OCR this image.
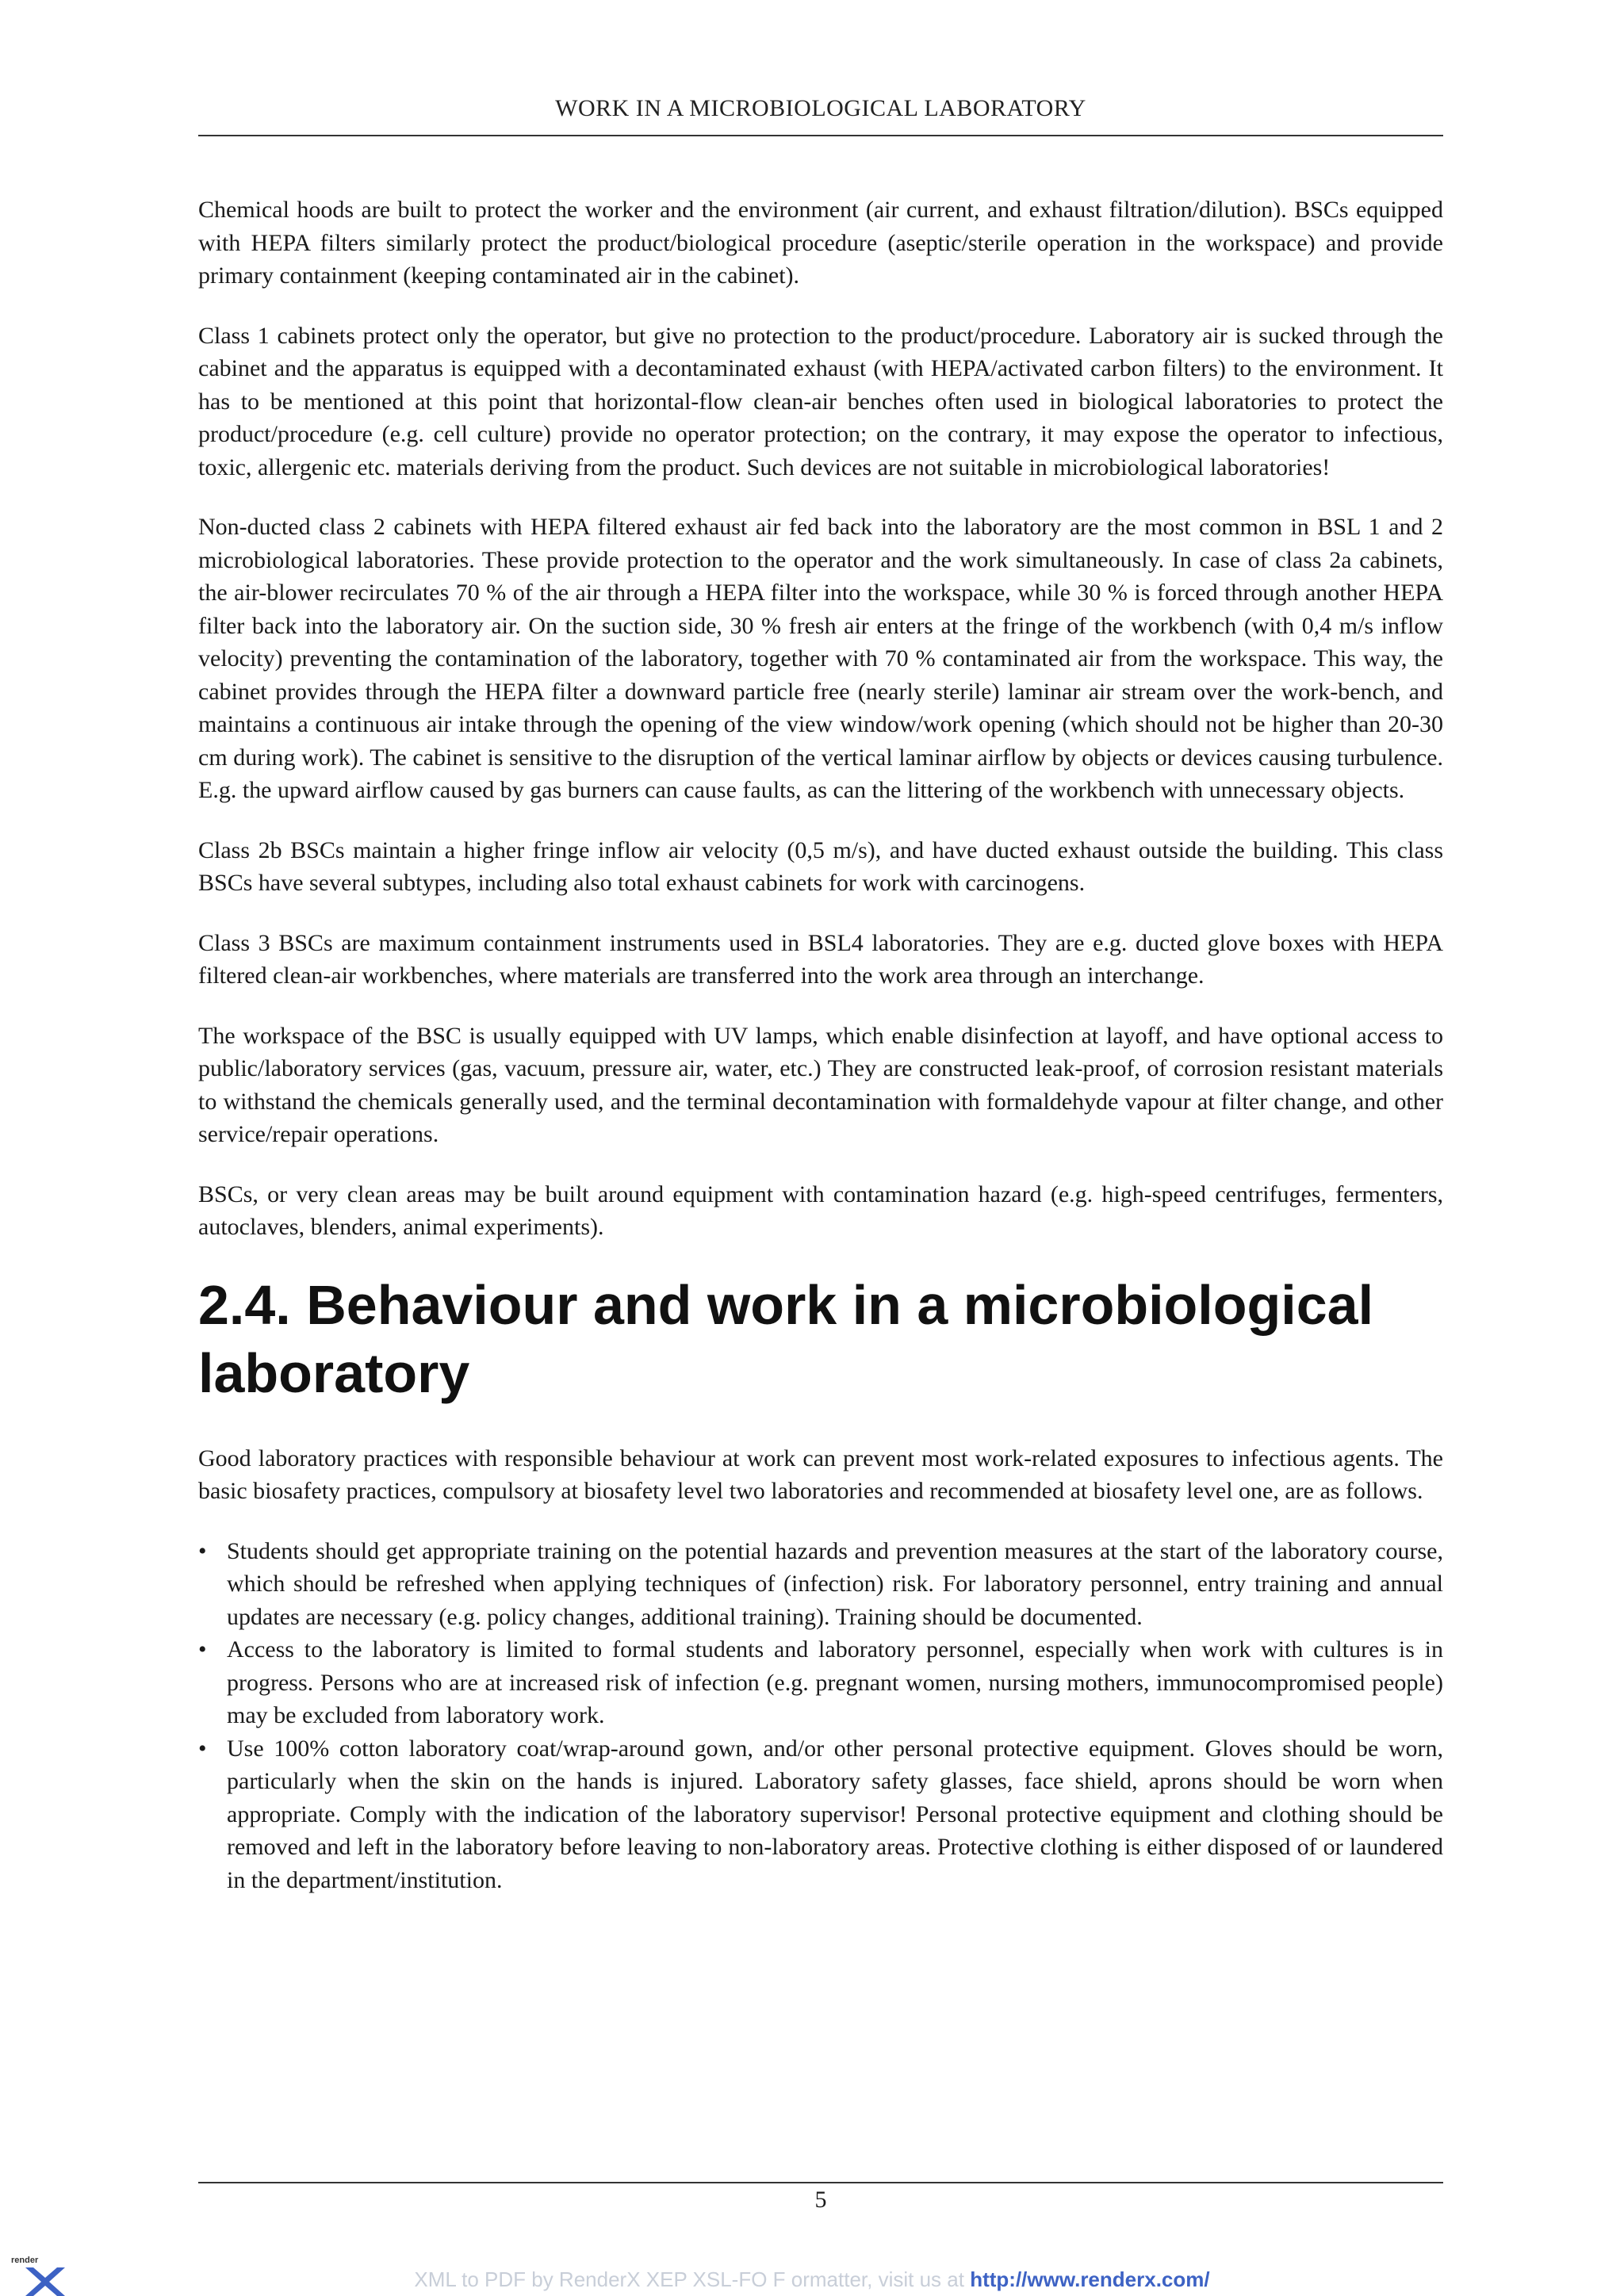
WORK IN A MICROBIOLOGICAL LABORATORY

Chemical hoods are built to protect the worker and the environment (air current, and exhaust filtration/dilution). BSCs equipped with HEPA filters similarly protect the product/biological procedure (aseptic/sterile operation in the workspace) and provide primary containment (keeping contaminated air in the cabinet).

Class 1 cabinets protect only the operator, but give no protection to the product/procedure. Laboratory air is sucked through the cabinet and the apparatus is equipped with a decontaminated exhaust (with HEPA/activated carbon filters) to the environment. It has to be mentioned at this point that horizontal-flow clean-air benches often used in biological laboratories to protect the product/procedure (e.g. cell culture) provide no operator protection; on the contrary, it may expose the operator to infectious, toxic, allergenic etc. materials deriving from the product. Such devices are not suitable in microbiological laboratories!

Non-ducted class 2 cabinets with HEPA filtered exhaust air fed back into the laboratory are the most common in BSL 1 and 2 microbiological laboratories. These provide protection to the operator and the work simultaneously. In case of class 2a cabinets, the air-blower recirculates 70 % of the air through a HEPA filter into the workspace, while 30 % is forced through another HEPA filter back into the laboratory air. On the suction side, 30 % fresh air enters at the fringe of the workbench (with 0,4 m/s inflow velocity) preventing the contamination of the laboratory, together with 70 % contaminated air from the workspace. This way, the cabinet provides through the HEPA filter a downward particle free (nearly sterile) laminar air stream over the work-bench, and maintains a continuous air intake through the opening of the view window/work opening (which should not be higher than 20-30 cm during work). The cabinet is sensitive to the disruption of the vertical laminar airflow by objects or devices causing turbulence. E.g. the upward airflow caused by gas burners can cause faults, as can the littering of the workbench with unnecessary objects.

Class 2b BSCs maintain a higher fringe inflow air velocity (0,5 m/s), and have ducted exhaust outside the building. This class BSCs have several subtypes, including also total exhaust cabinets for work with carcinogens.

Class 3 BSCs are maximum containment instruments used in BSL4 laboratories. They are e.g. ducted glove boxes with HEPA filtered clean-air workbenches, where materials are transferred into the work area through an interchange.

The workspace of the BSC is usually equipped with UV lamps, which enable disinfection at layoff, and have optional access to public/laboratory services (gas, vacuum, pressure air, water, etc.) They are constructed leak-proof, of corrosion resistant materials to withstand the chemicals generally used, and the terminal decontamination with formaldehyde vapour at filter change, and other service/repair operations.

BSCs, or very clean areas may be built around equipment with contamination hazard (e.g. high-speed centrifuges, fermenters, autoclaves, blenders, animal experiments).

2.4. Behaviour and work in a microbiological laboratory

Good laboratory practices with responsible behaviour at work can prevent most work-related exposures to infectious agents. The basic biosafety practices, compulsory at biosafety level two laboratories and recommended at biosafety level one, are as follows.

• Students should get appropriate training on the potential hazards and prevention measures at the start of the laboratory course, which should be refreshed when applying techniques of (infection) risk. For laboratory personnel, entry training and annual updates are necessary (e.g. policy changes, additional training). Training should be documented.
• Access to the laboratory is limited to formal students and laboratory personnel, especially when work with cultures is in progress. Persons who are at increased risk of infection (e.g. pregnant women, nursing mothers, immunocompromised people) may be excluded from laboratory work.
• Use 100% cotton laboratory coat/wrap-around gown, and/or other personal protective equipment. Gloves should be worn, particularly when the skin on the hands is injured. Laboratory safety glasses, face shield, aprons should be worn when appropriate. Comply with the indication of the laboratory supervisor! Personal protective equipment and clothing should be removed and left in the laboratory before leaving to non-laboratory areas. Protective clothing is either disposed of or laundered in the department/institution.
5
render
XML to PDF by RenderX XEP XSL-FO F ormatter, visit us at http://www.renderx.com/
